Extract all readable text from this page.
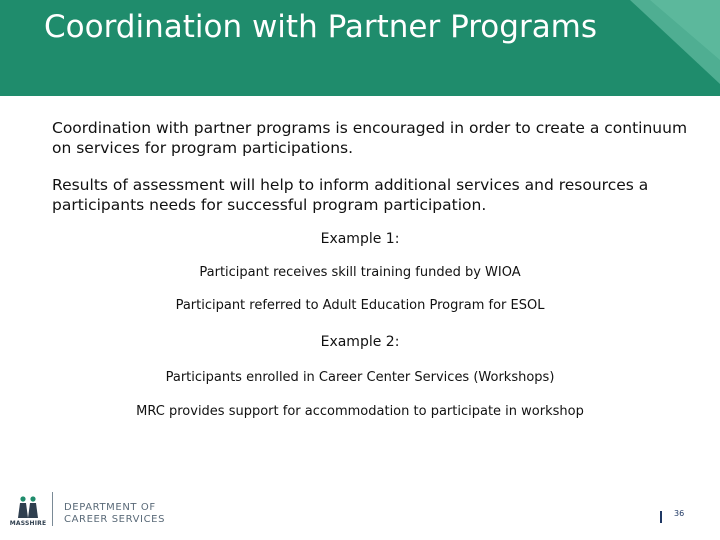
Coordination with Partner Programs

Coordination with partner programs is encouraged in order to create a continuum on services for program participations.

Results of assessment will help to inform additional services and resources a participants needs for successful program participation.

Example 1:

Participant receives skill training funded by WIOA

Participant referred to Adult Education Program for ESOL

Example 2:

Participants enrolled in Career Center Services (Workshops)

MRC provides support for accommodation to participate in workshop

MASSHIRE

DEPARTMENT OF

CAREER SERVICES

36
